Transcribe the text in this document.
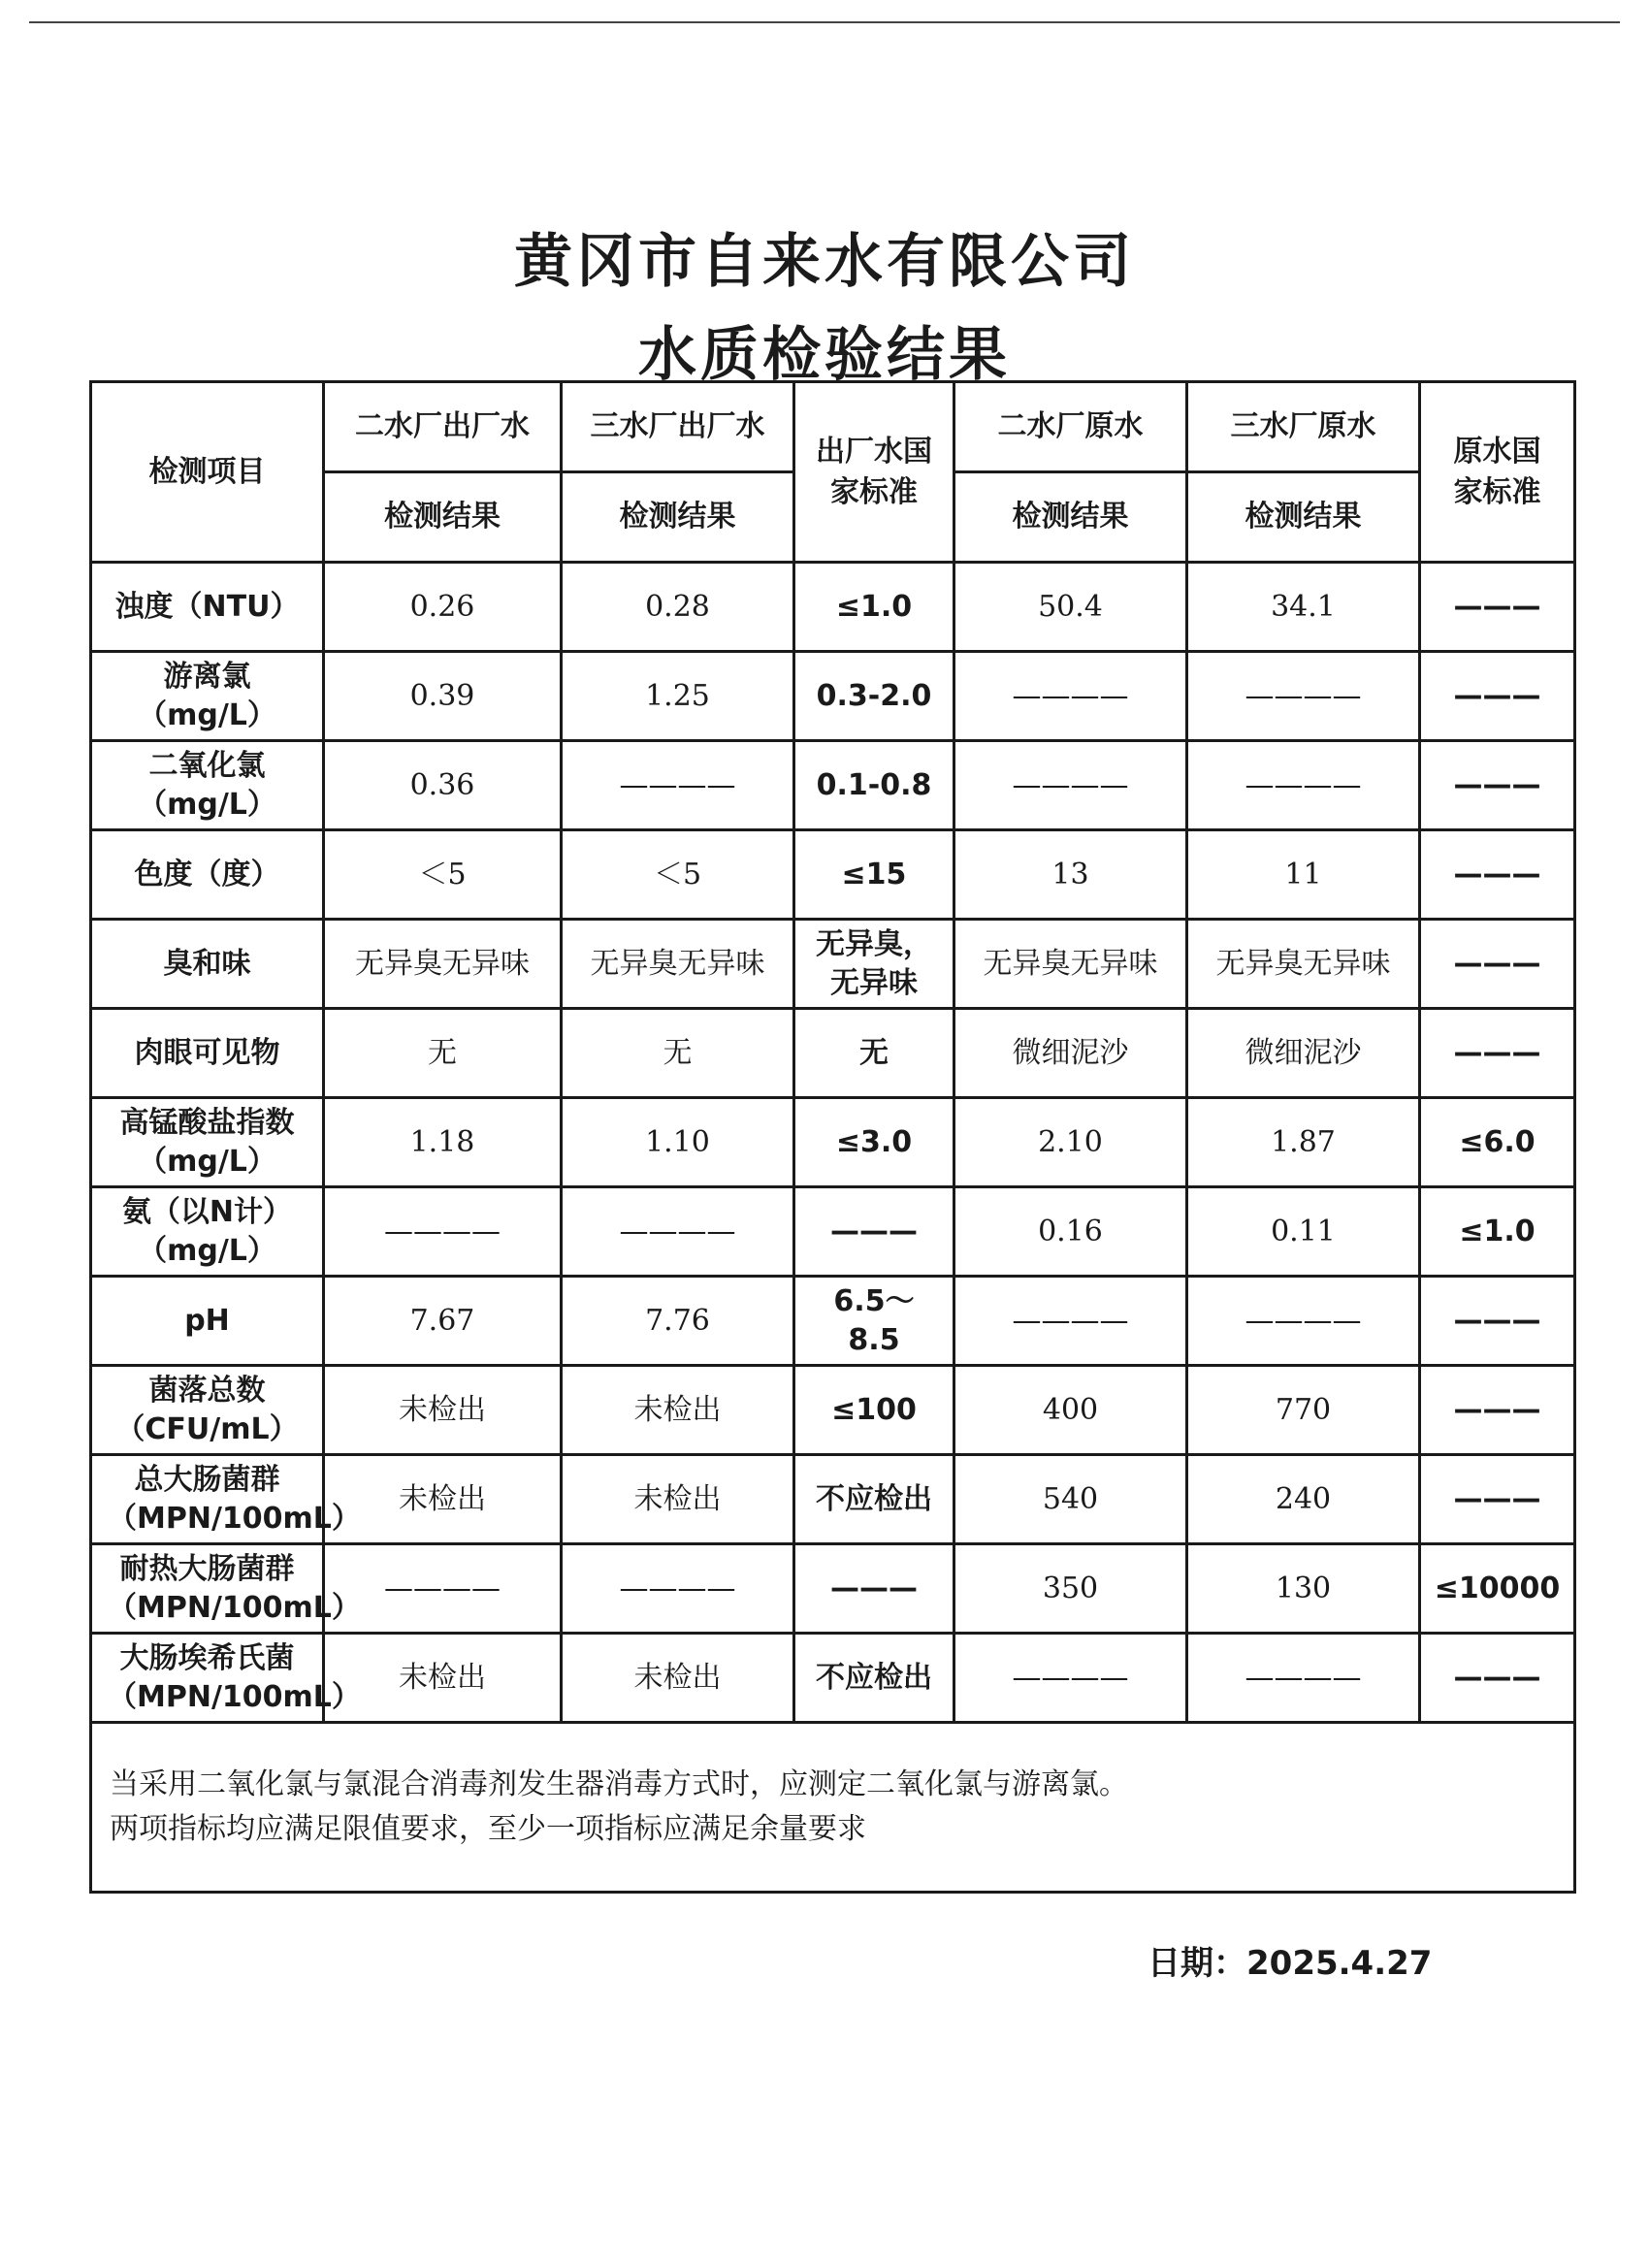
黄冈市自来水有限公司
水质检验结果
检测项目	二水厂出厂水	三水厂出厂水	出厂水国家标准	二水厂原水	三水厂原水	原水国家标准

	检测结果	检测结果		检测结果	检测结果	
浊度（NTU）	0.26	0.28	≤1.0	50.4	34.1	———
游离氯（mg/L）	0.39	1.25	0.3-2.0	————	————	———
二氧化氯（mg/L）	0.36	————	0.1-0.8	————	————	———
色度（度）	＜5	＜5	≤15	13	11	———
臭和味	无异臭无异味	无异臭无异味	无异臭，无异味	无异臭无异味	无异臭无异味	———
肉眼可见物	无	无	无	微细泥沙	微细泥沙	———
高锰酸盐指数（mg/L）	1.18	1.10	≤3.0	2.10	1.87	≤6.0
氨（以N计）（mg/L）	————	————	———	0.16	0.11	≤1.0
pH	7.67	7.76	6.5～8.5	————	————	———
菌落总数（CFU/mL）	未检出	未检出	≤100	400	770	———
总大肠菌群（MPN/100mL）	未检出	未检出	不应检出	540	240	———
耐热大肠菌群（MPN/100mL）	————	————	———	350	130	≤10000
大肠埃希氏菌（MPN/100mL）	未检出	未检出	不应检出	————	————	———

当采用二氧化氯与氯混合消毒剂发生器消毒方式时，应测定二氧化氯与游离氯。
两项指标均应满足限值要求，至少一项指标应满足余量要求						
日期：2025.4.27
